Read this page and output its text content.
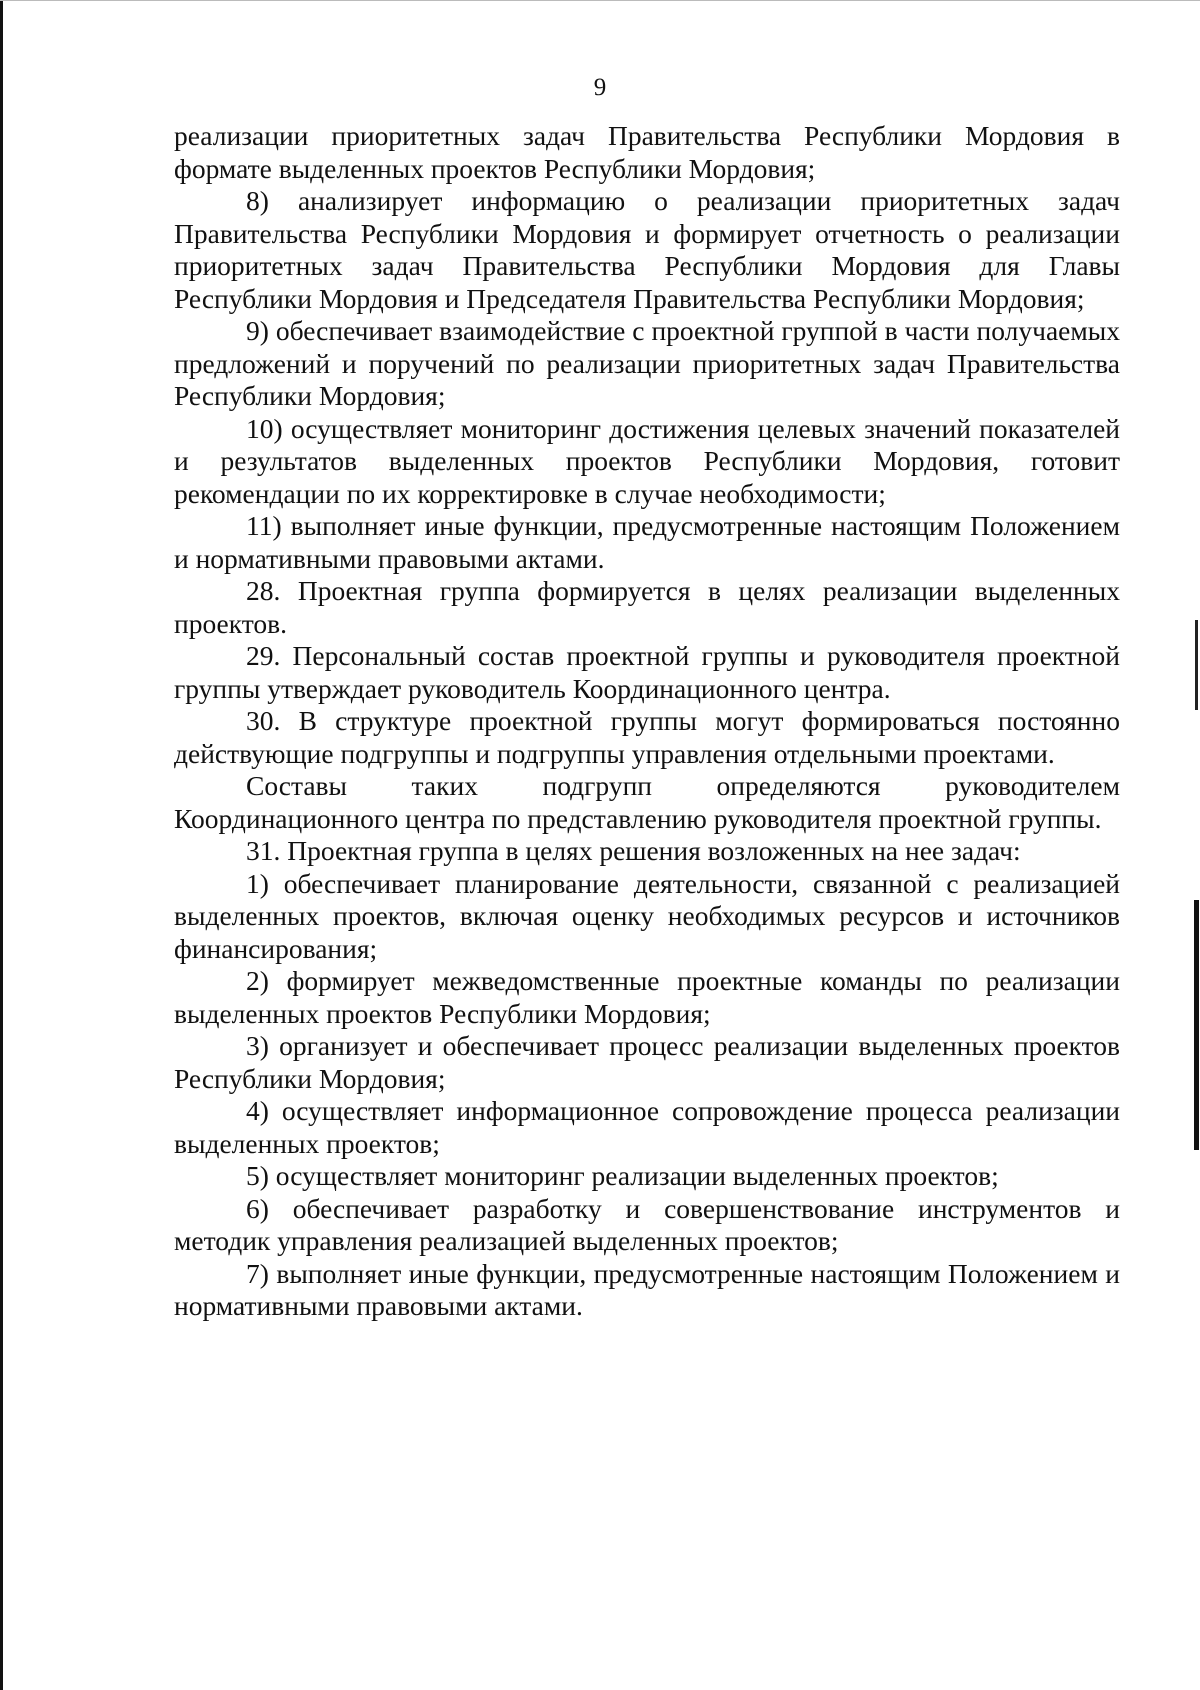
9

реализации приоритетных задач Правительства Республики Мордовия в формате выделенных проектов Республики Мордовия;

8) анализирует информацию о реализации приоритетных задач Правительства Республики Мордовия и формирует отчетность о реализации приоритетных задач Правительства Республики Мордовия для Главы Республики Мордовия и Председателя Правительства Республики Мордовия;

9) обеспечивает взаимодействие с проектной группой в части получаемых предложений и поручений по реализации приоритетных задач Правительства Республики Мордовия;

10) осуществляет мониторинг достижения целевых значений показателей и результатов выделенных проектов Республики Мордовия, готовит рекомендации по их корректировке в случае необходимости;

11) выполняет иные функции, предусмотренные настоящим Положением и нормативными правовыми актами.

28. Проектная группа формируется в целях реализации выделенных проектов.

29. Персональный состав проектной группы и руководителя проектной группы утверждает руководитель Координационного центра.

30. В структуре проектной группы могут формироваться постоянно действующие подгруппы и подгруппы управления отдельными проектами.

Составы таких подгрупп определяются руководителем Координационного центра по представлению руководителя проектной группы.

31. Проектная группа в целях решения возложенных на нее задач:

1) обеспечивает планирование деятельности, связанной с реализацией выделенных проектов, включая оценку необходимых ресурсов и источников финансирования;

2) формирует межведомственные проектные команды по реализации выделенных проектов Республики Мордовия;

3) организует и обеспечивает процесс реализации выделенных проектов Республики Мордовия;

4) осуществляет информационное сопровождение процесса реализации выделенных проектов;

5) осуществляет мониторинг реализации выделенных проектов;

6) обеспечивает разработку и совершенствование инструментов и методик управления реализацией выделенных проектов;

7) выполняет иные функции, предусмотренные настоящим Положением и нормативными правовыми актами.
